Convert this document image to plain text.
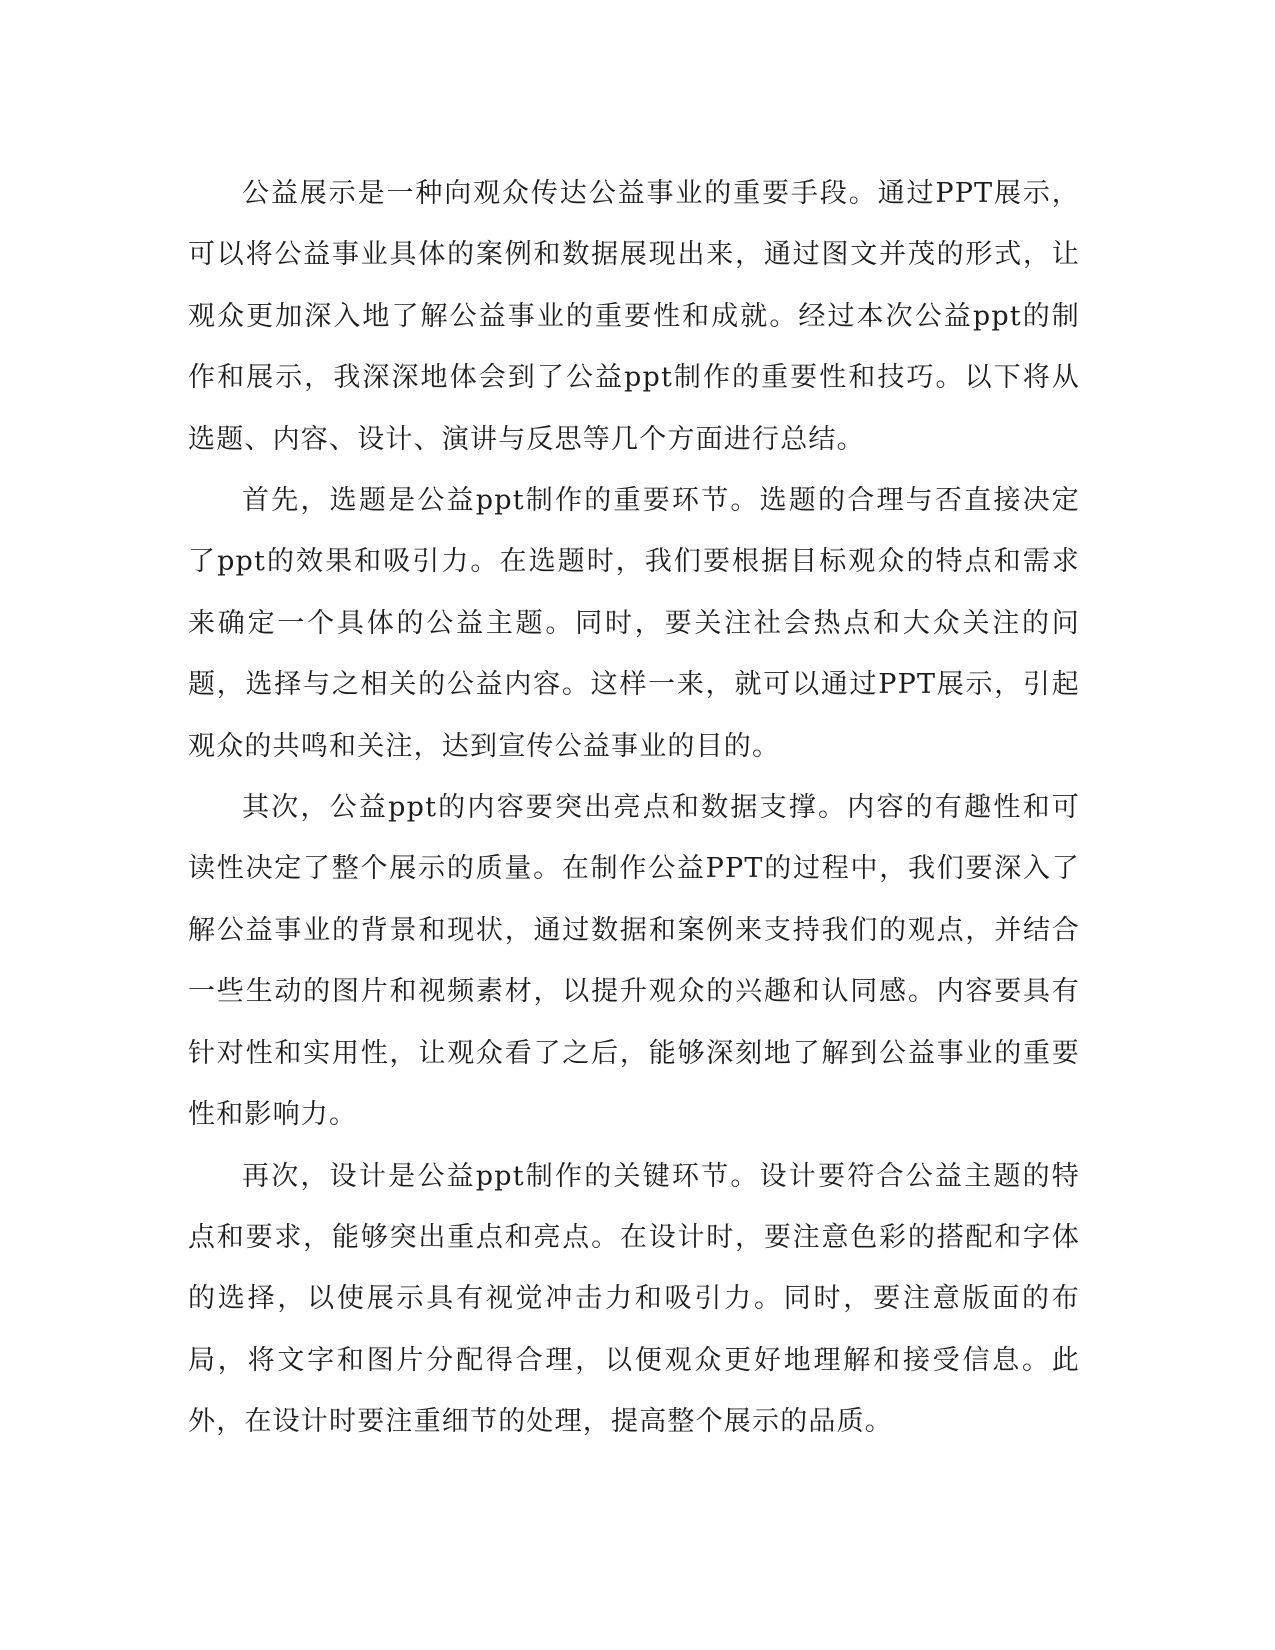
公益展示是一种向观众传达公益事业的重要手段。通过PPT展示，可以将公益事业具体的案例和数据展现出来，通过图文并茂的形式，让观众更加深入地了解公益事业的重要性和成就。经过本次公益ppt的制作和展示，我深深地体会到了公益ppt制作的重要性和技巧。以下将从选题、内容、设计、演讲与反思等几个方面进行总结。

首先，选题是公益ppt制作的重要环节。选题的合理与否直接决定了ppt的效果和吸引力。在选题时，我们要根据目标观众的特点和需求来确定一个具体的公益主题。同时，要关注社会热点和大众关注的问题，选择与之相关的公益内容。这样一来，就可以通过PPT展示，引起观众的共鸣和关注，达到宣传公益事业的目的。

其次，公益ppt的内容要突出亮点和数据支撑。内容的有趣性和可读性决定了整个展示的质量。在制作公益PPT的过程中，我们要深入了解公益事业的背景和现状，通过数据和案例来支持我们的观点，并结合一些生动的图片和视频素材，以提升观众的兴趣和认同感。内容要具有针对性和实用性，让观众看了之后，能够深刻地了解到公益事业的重要性和影响力。

再次，设计是公益ppt制作的关键环节。设计要符合公益主题的特点和要求，能够突出重点和亮点。在设计时，要注意色彩的搭配和字体的选择，以使展示具有视觉冲击力和吸引力。同时，要注意版面的布局，将文字和图片分配得合理，以便观众更好地理解和接受信息。此外，在设计时要注重细节的处理，提高整个展示的品质。
